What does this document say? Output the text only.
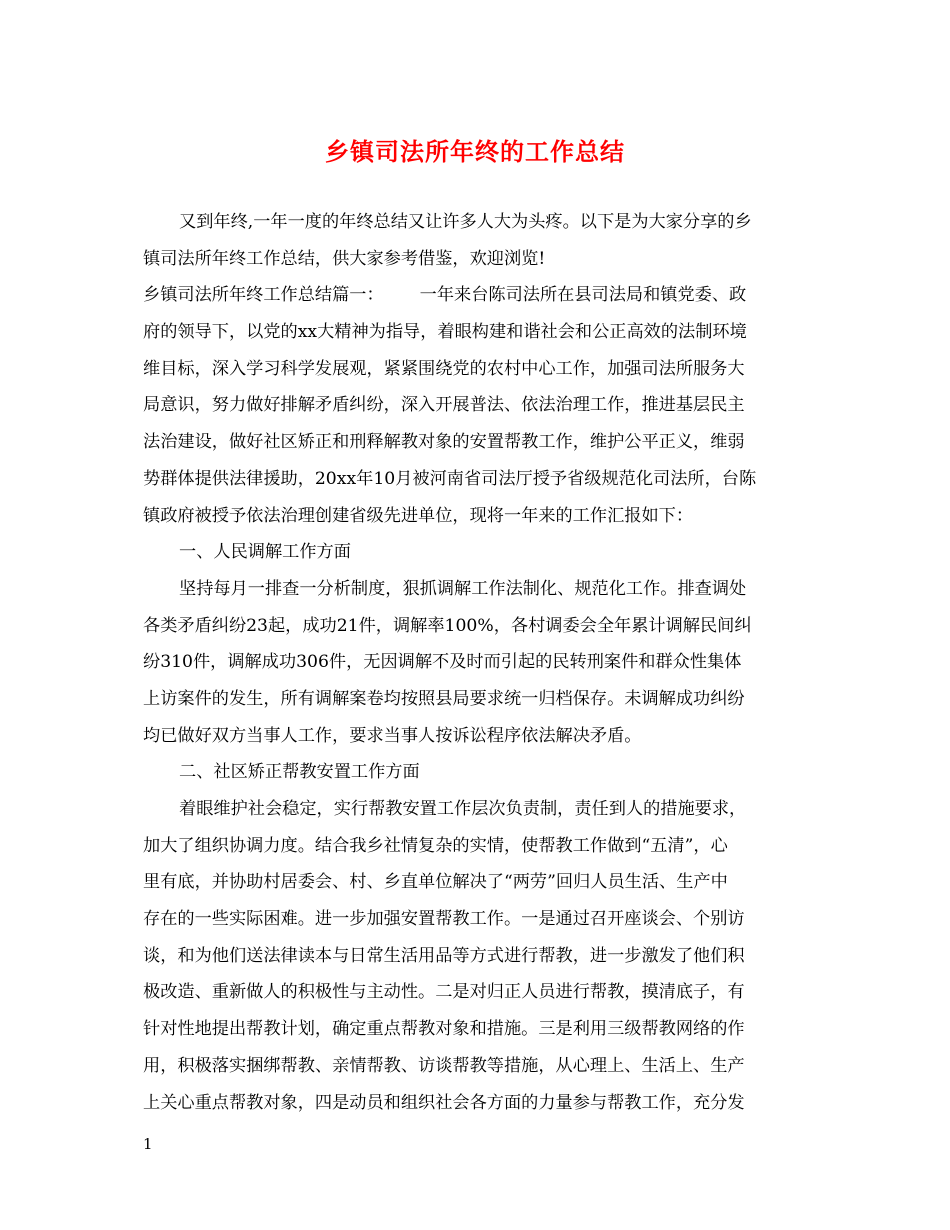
乡镇司法所年终的工作总结
又到年终,一年一度的年终总结又让许多人大为头疼。以下是为大家分享的乡
镇司法所年终工作总结，供大家参考借鉴，欢迎浏览!
乡镇司法所年终工作总结篇一： 一年来台陈司法所在县司法局和镇党委、政
府的领导下，以党的xx大精神为指导，着眼构建和谐社会和公正高效的法制环境
维目标，深入学习科学发展观，紧紧围绕党的农村中心工作，加强司法所服务大
局意识，努力做好排解矛盾纠纷，深入开展普法、依法治理工作，推进基层民主
法治建设，做好社区矫正和刑释解教对象的安置帮教工作，维护公平正义，维弱
势群体提供法律援助，20xx年10月被河南省司法厅授予省级规范化司法所，台陈
镇政府被授予依法治理创建省级先进单位，现将一年来的工作汇报如下：
一、人民调解工作方面
坚持每月一排查一分析制度，狠抓调解工作法制化、规范化工作。排查调处
各类矛盾纠纷23起，成功21件，调解率100%，各村调委会全年累计调解民间纠
纷310件，调解成功306件，无因调解不及时而引起的民转刑案件和群众性集体
上访案件的发生，所有调解案卷均按照县局要求统一归档保存。未调解成功纠纷
均已做好双方当事人工作，要求当事人按诉讼程序依法解决矛盾。
二、社区矫正帮教安置工作方面
着眼维护社会稳定，实行帮教安置工作层次负责制，责任到人的措施要求，
加大了组织协调力度。结合我乡社情复杂的实情，使帮教工作做到“五清”，心
里有底，并协助村居委会、村、乡直单位解决了“两劳”回归人员生活、生产中
存在的一些实际困难。进一步加强安置帮教工作。一是通过召开座谈会、个别访
谈，和为他们送法律读本与日常生活用品等方式进行帮教，进一步激发了他们积
极改造、重新做人的积极性与主动性。二是对归正人员进行帮教，摸清底子，有
针对性地提出帮教计划，确定重点帮教对象和措施。三是利用三级帮教网络的作
用，积极落实捆绑帮教、亲情帮教、访谈帮教等措施，从心理上、生活上、生产
上关心重点帮教对象，四是动员和组织社会各方面的力量参与帮教工作，充分发
1
